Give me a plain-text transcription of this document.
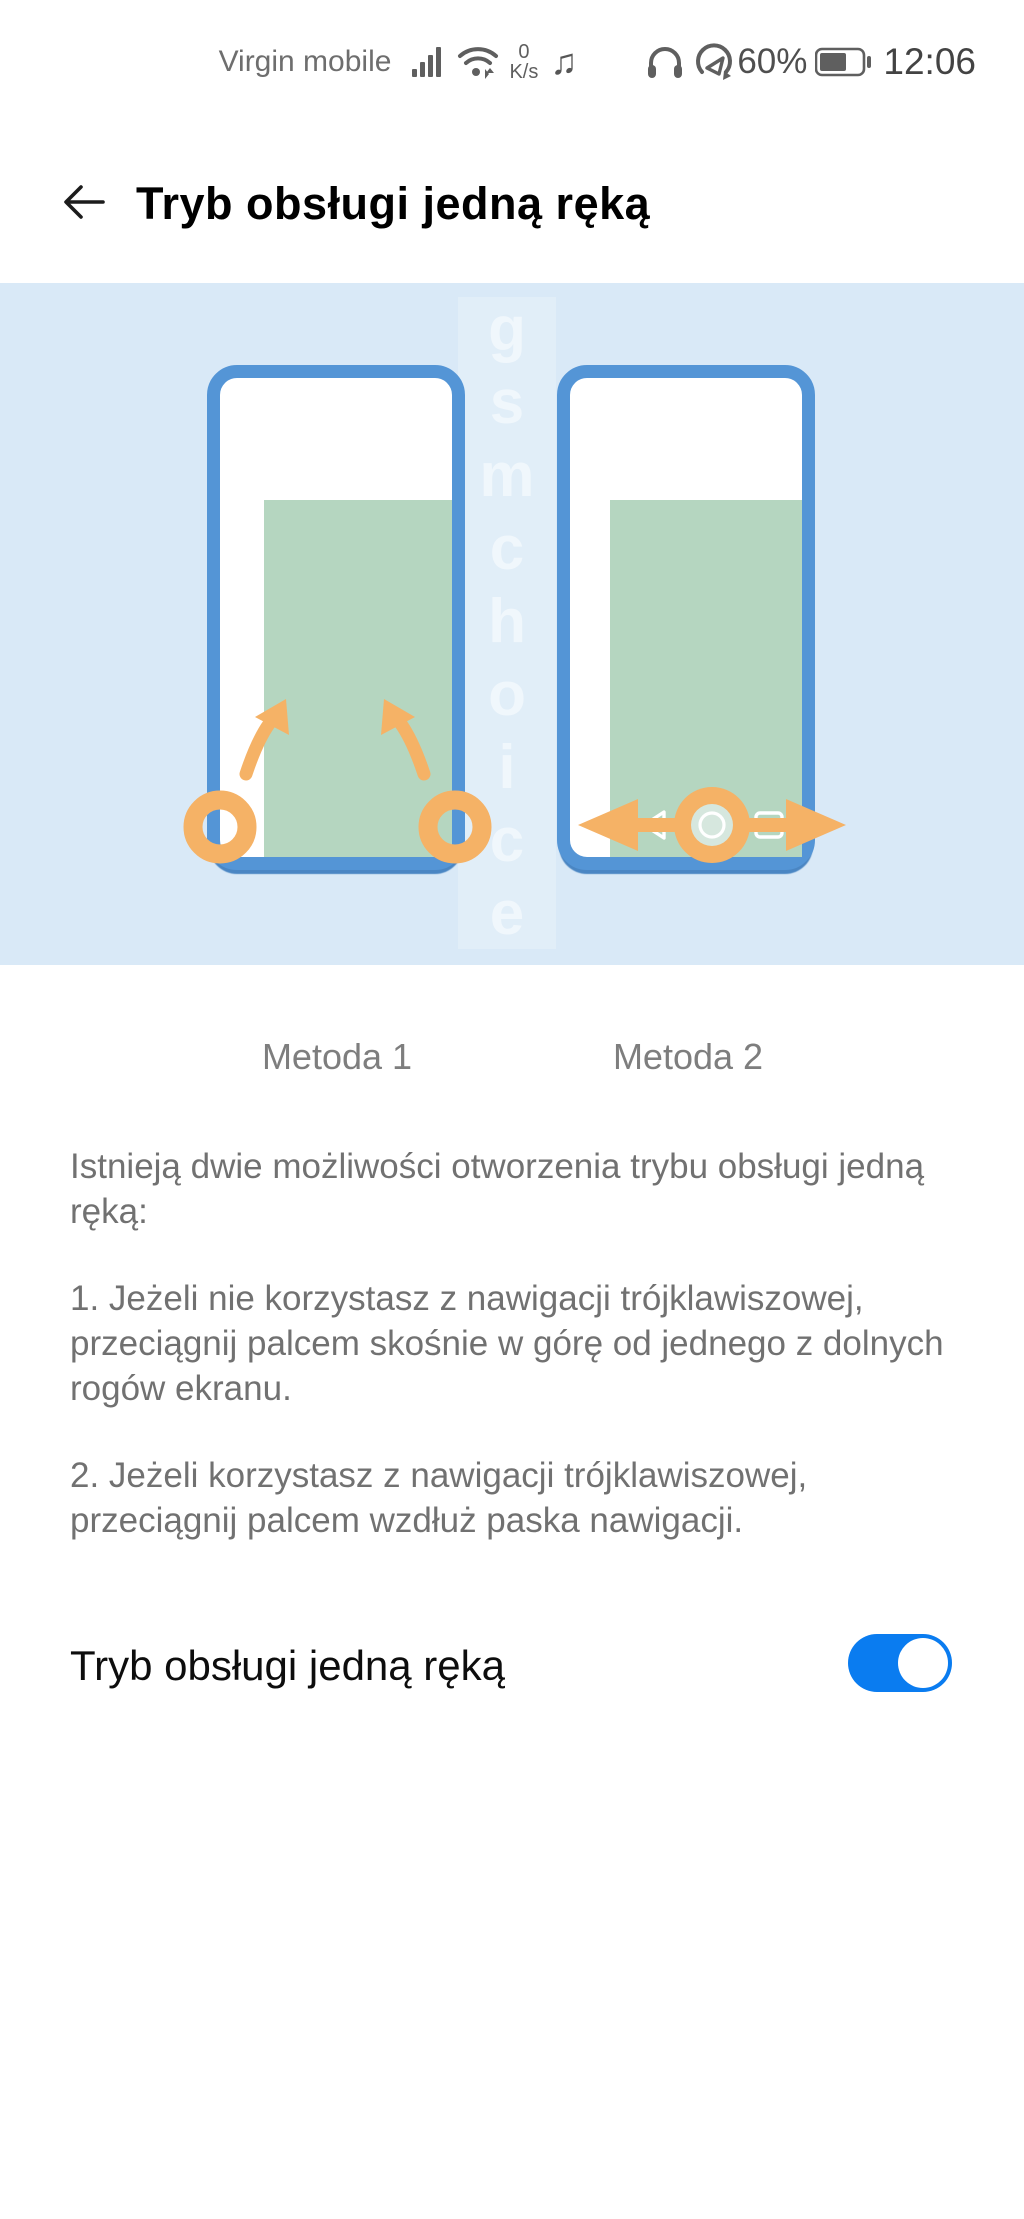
Virgin mobile	0
K/s ♫	60% 12:06
Tryb obsługi jedną ręką
gsmchoice
Metoda 1	Metoda 2

Istnieją dwie możliwości otworzenia trybu obsługi jedną ręką:

1. Jeżeli nie korzystasz z nawigacji trójklawiszowej, przeciągnij palcem skośnie w górę od jednego z dolnych rogów ekranu.

2. Jeżeli korzystasz z nawigacji trójklawiszowej, przeciągnij palcem wzdłuż paska nawigacji.

Tryb obsługi jedną ręką
